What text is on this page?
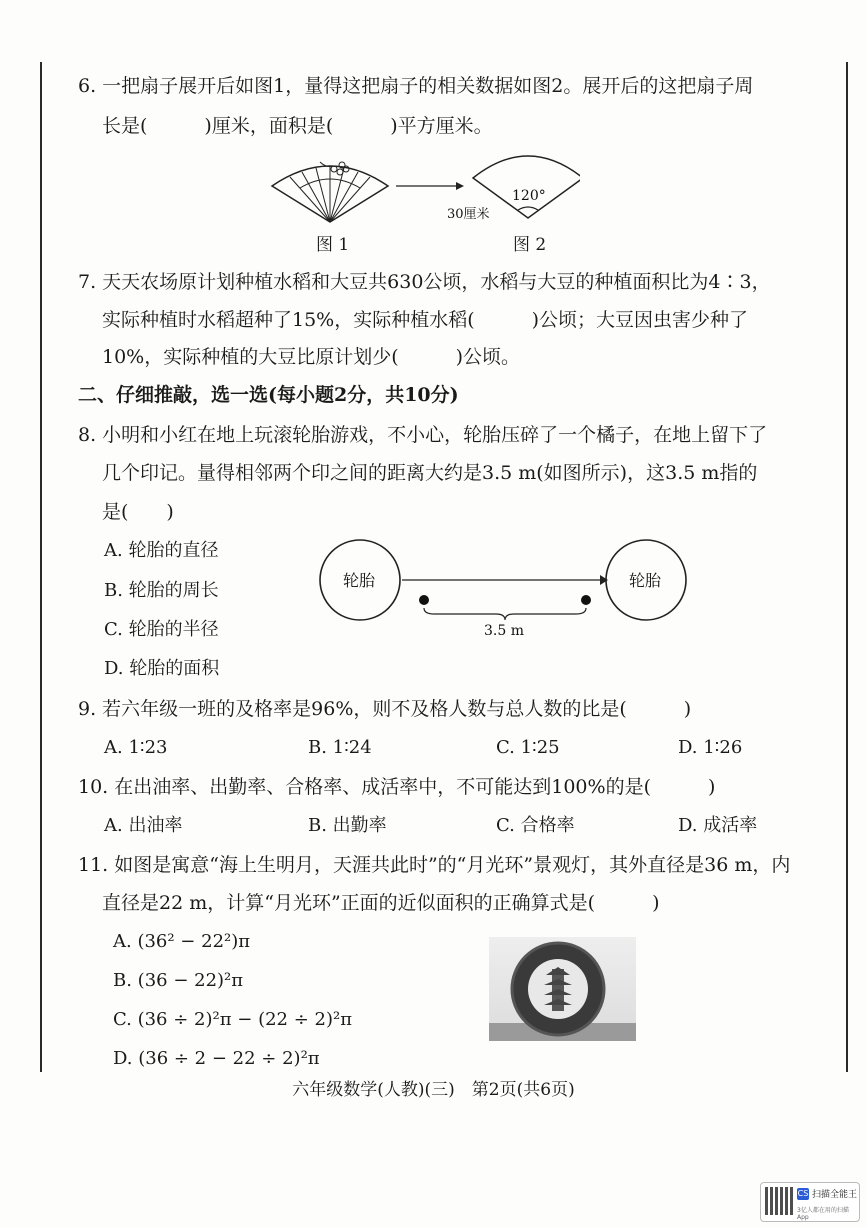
6. 一把扇子展开后如图1，量得这把扇子的相关数据如图2。展开后的这把扇子周
长是(　　　)厘米，面积是(　　　)平方厘米。
120°
30厘米
图 1	图 2
7. 天天农场原计划种植水稻和大豆共630公顷，水稻与大豆的种植面积比为4∶3，
实际种植时水稻超种了15%，实际种植水稻(　　　)公顷；大豆因虫害少种了
10%，实际种植的大豆比原计划少(　　　)公顷。
二、仔细推敲，选一选(每小题2分，共10分)
8. 小明和小红在地上玩滚轮胎游戏，不小心，轮胎压碎了一个橘子，在地上留下了
几个印记。量得相邻两个印之间的距离大约是3.5 m(如图所示)，这3.5 m指的
是(　　)
A. 轮胎的直径
B. 轮胎的周长
C. 轮胎的半径
D. 轮胎的面积
轮胎	轮胎
3.5 m
9. 若六年级一班的及格率是96%，则不及格人数与总人数的比是(　　　)
A. 1∶23	B. 1∶24	C. 1∶25	D. 1∶26
10. 在出油率、出勤率、合格率、成活率中，不可能达到100%的是(　　　)
A. 出油率	B. 出勤率	C. 合格率	D. 成活率
11. 如图是寓意“海上生明月，天涯共此时”的“月光环”景观灯，其外直径是36 m，内
直径是22 m，计算“月光环”正面的近似面积的正确算式是(　　　)
A. (36² − 22²)π
B. (36 − 22)²π
C. (36 ÷ 2)²π − (22 ÷ 2)²π
D. (36 ÷ 2 − 22 ÷ 2)²π
六年级数学(人教)(三)　第2页(共6页)
CS 扫描全能王
3亿人都在用的扫描App
